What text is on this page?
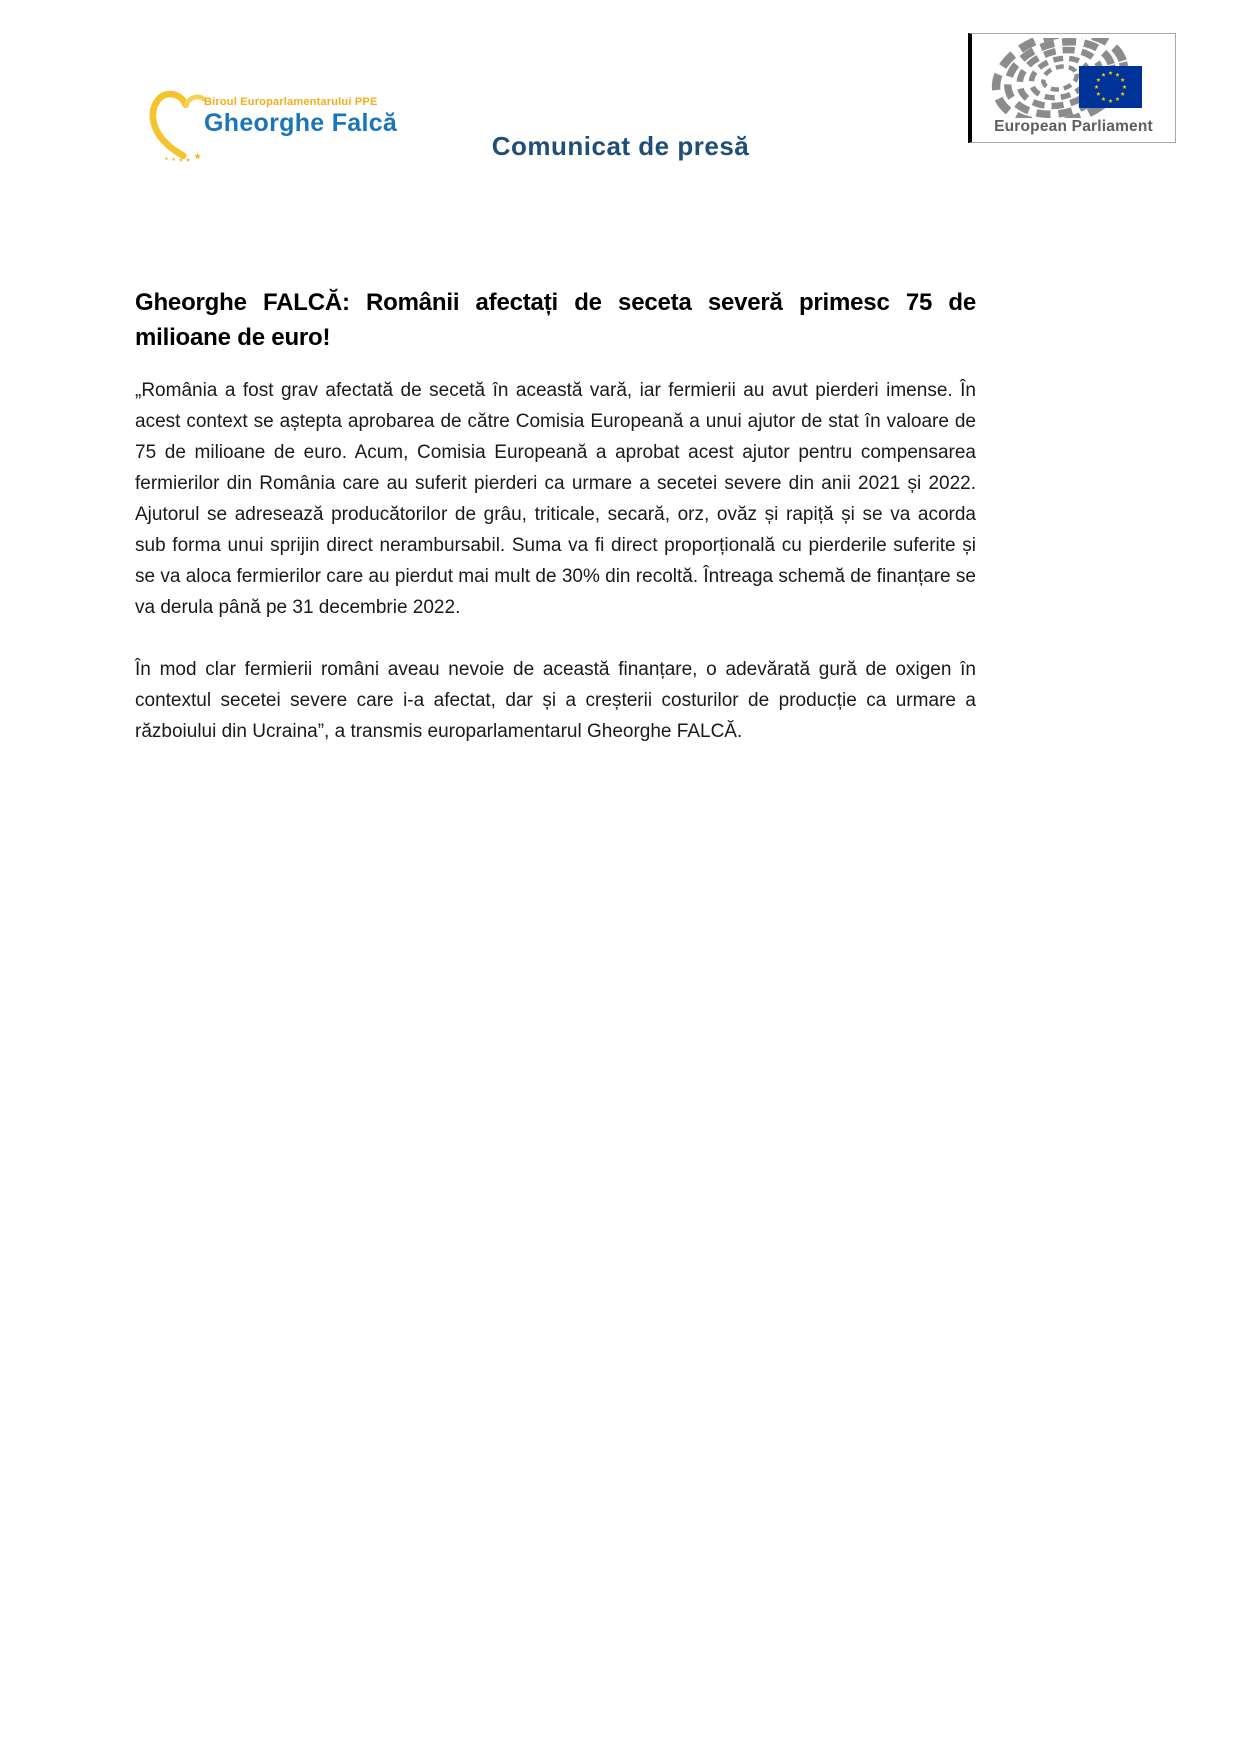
Biroul Europarlamentarului PPE
Gheorghe Falcă	European Parliament
Comunicat de presă
Gheorghe FALCĂ: Românii afectați de seceta severă primesc 75 de milioane de euro!

„România a fost grav afectată de secetă în această vară, iar fermierii au avut pierderi imense. În acest context se aștepta aprobarea de către Comisia Europeană a unui ajutor de stat în valoare de 75 de milioane de euro. Acum, Comisia Europeană a aprobat acest ajutor pentru compensarea fermierilor din România care au suferit pierderi ca urmare a secetei severe din anii 2021 și 2022. Ajutorul se adresează producătorilor de grâu, triticale, secară, orz, ovăz și rapiță și se va acorda sub forma unui sprijin direct nerambursabil. Suma va fi direct proporțională cu pierderile suferite și se va aloca fermierilor care au pierdut mai mult de 30% din recoltă. Întreaga schemă de finanțare se va derula până pe 31 decembrie 2022.

În mod clar fermierii români aveau nevoie de această finanțare, o adevărată gură de oxigen în contextul secetei severe care i-a afectat, dar și a creșterii costurilor de producție ca urmare a războiului din Ucraina”, a transmis europarlamentarul Gheorghe FALCĂ.
